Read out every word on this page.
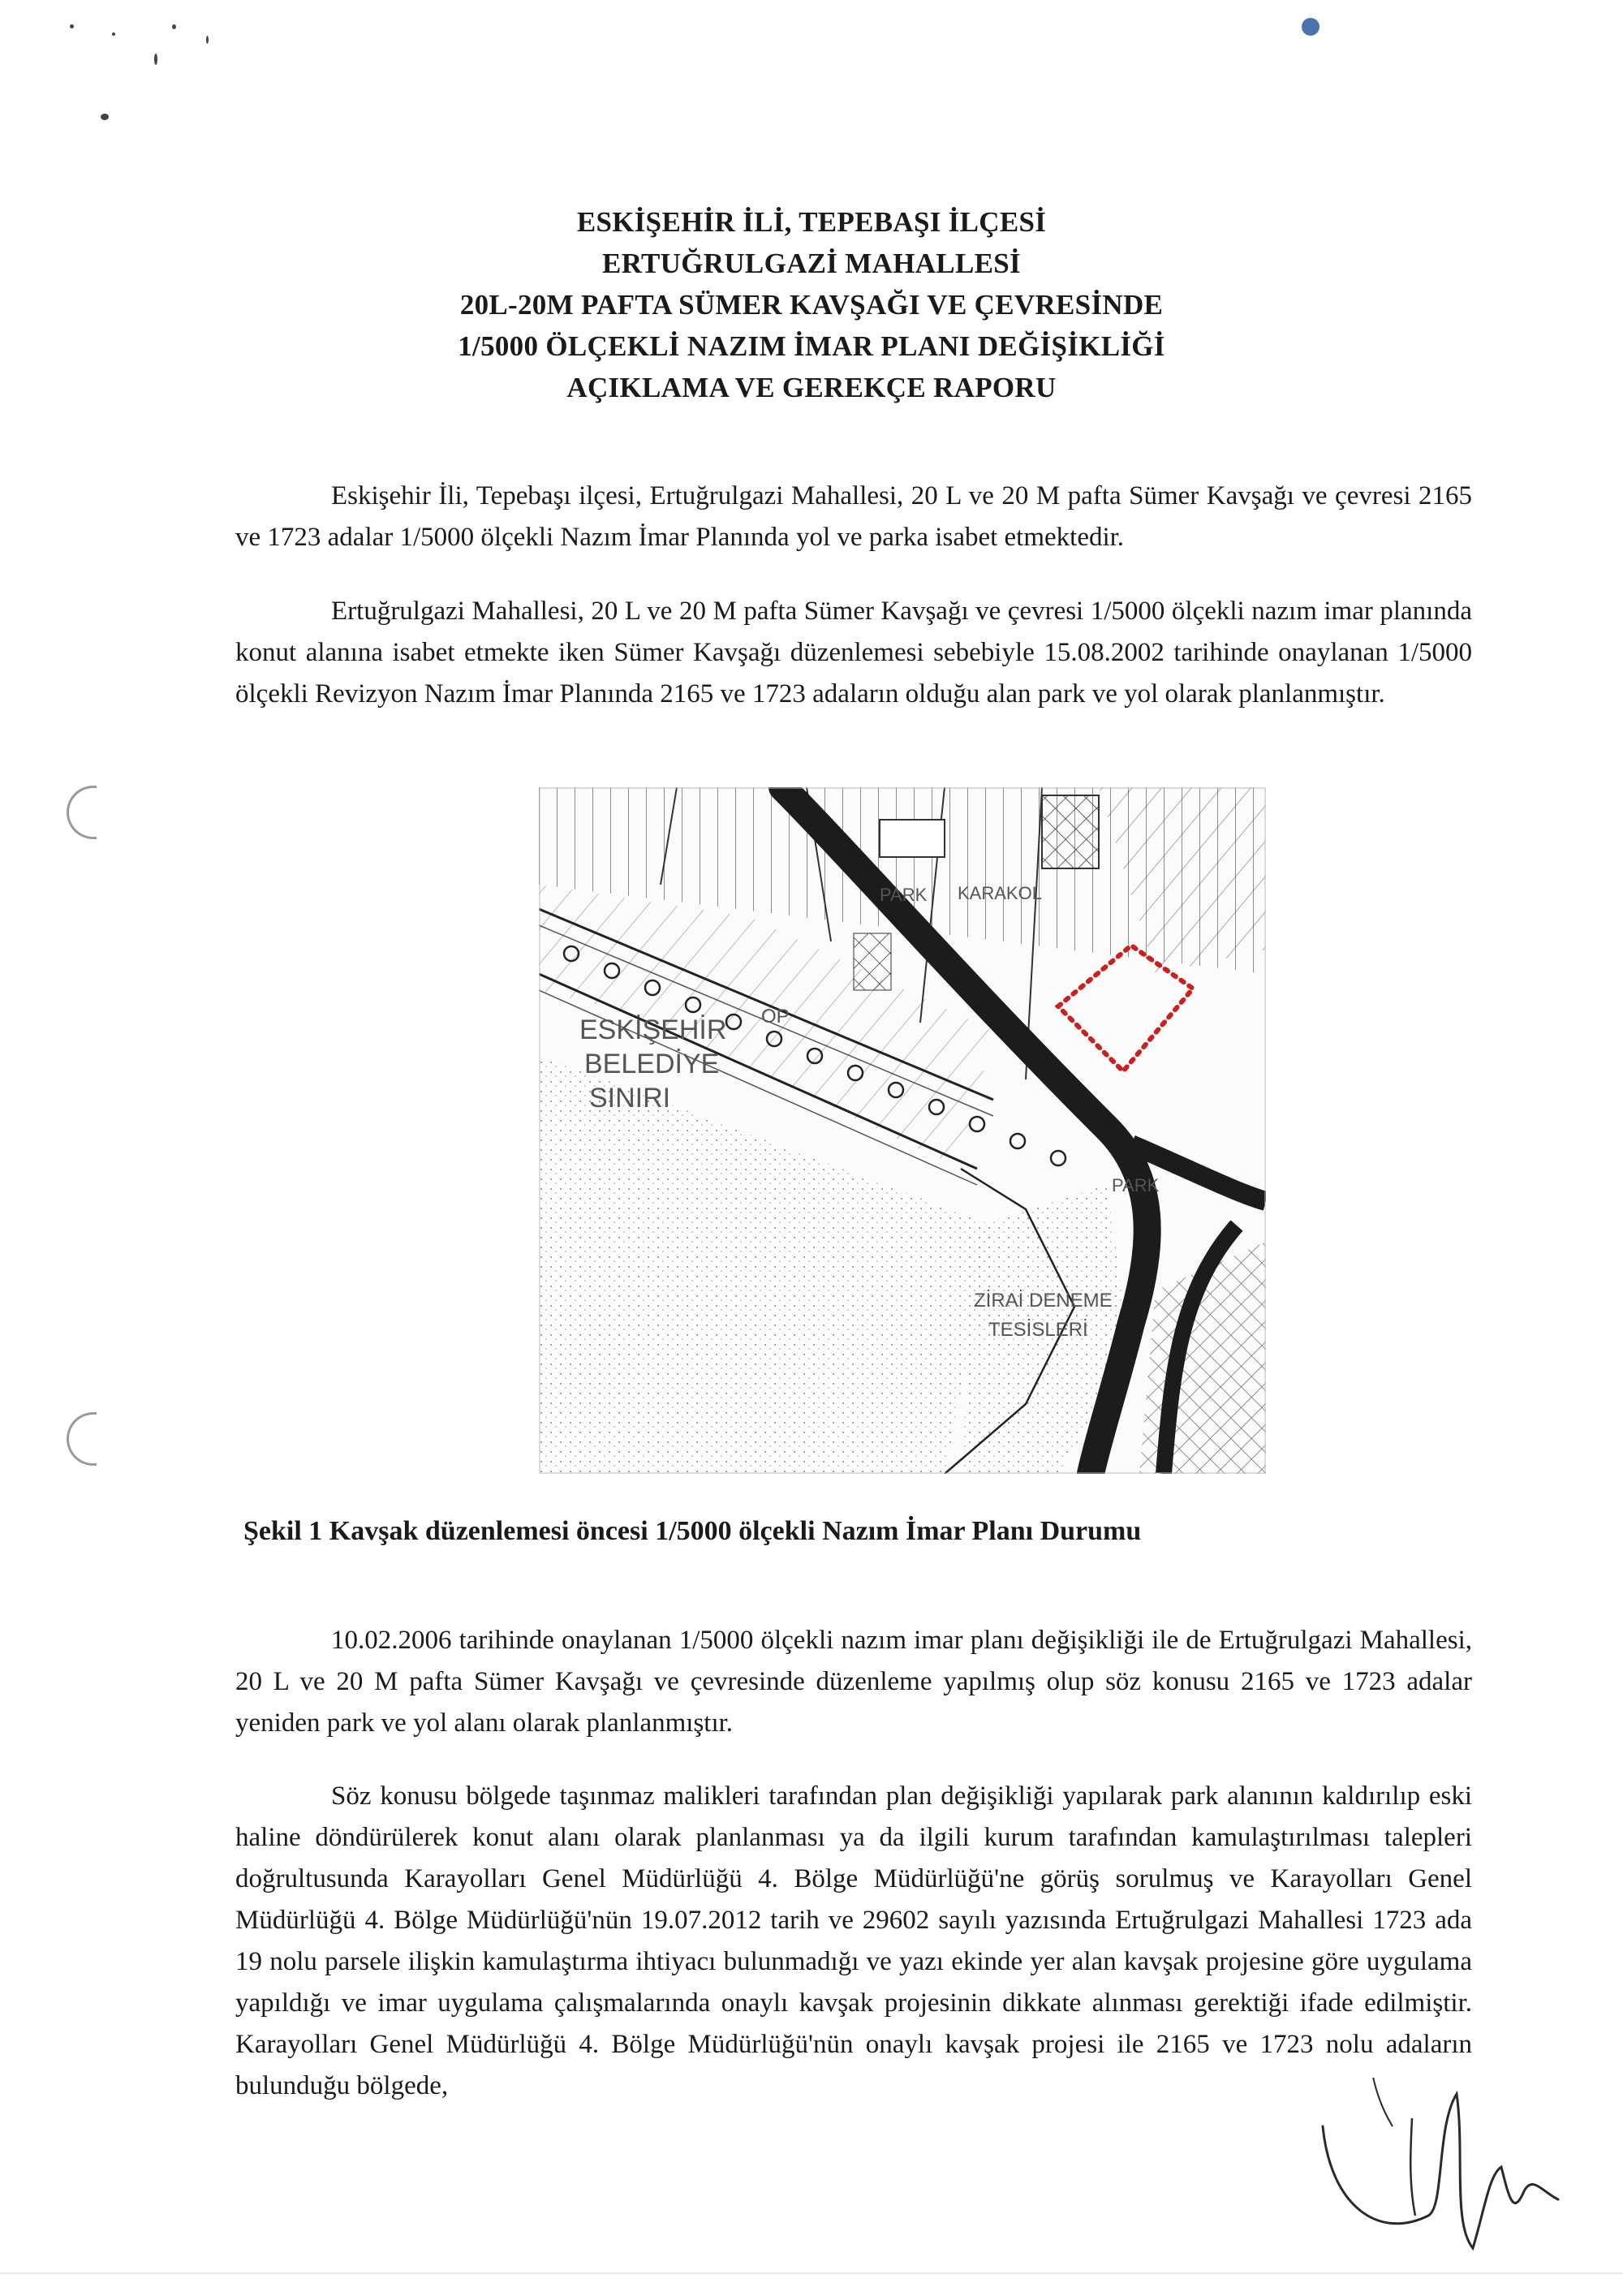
ESKİŞEHİR İLİ, TEPEBAŞI İLÇESİ
ERTUĞRULGAZİ MAHALLESİ
20L-20M PAFTA SÜMER KAVŞAĞI VE ÇEVRESİNDE
1/5000 ÖLÇEKLİ NAZIM İMAR PLANI DEĞİŞİKLİĞİ
AÇIKLAMA VE GEREKÇE RAPORU

Eskişehir İli, Tepebaşı ilçesi, Ertuğrulgazi Mahallesi, 20 L ve 20 M pafta Sümer Kavşağı ve çevresi 2165 ve 1723 adalar 1/5000 ölçekli Nazım İmar Planında yol ve parka isabet etmektedir.

Ertuğrulgazi Mahallesi, 20 L ve 20 M pafta Sümer Kavşağı ve çevresi 1/5000 ölçekli nazım imar planında konut alanına isabet etmekte iken Sümer Kavşağı düzenlemesi sebebiyle 15.08.2002 tarihinde onaylanan 1/5000 ölçekli Revizyon Nazım İmar Planında 2165 ve 1723 adaların olduğu alan park ve yol olarak planlanmıştır.

PARK KARAKOL
OP
ESKİŞEHİR
BELEDİYE
SINIRI
PARK
ZİRAİ DENEME
TESİSLERİ
Şekil 1 Kavşak düzenlemesi öncesi 1/5000 ölçekli Nazım İmar Planı Durumu

10.02.2006 tarihinde onaylanan 1/5000 ölçekli nazım imar planı değişikliği ile de Ertuğrulgazi Mahallesi, 20 L ve 20 M pafta Sümer Kavşağı ve çevresinde düzenleme yapılmış olup söz konusu 2165 ve 1723 adalar yeniden park ve yol alanı olarak planlanmıştır.

Söz konusu bölgede taşınmaz malikleri tarafından plan değişikliği yapılarak park alanının kaldırılıp eski haline döndürülerek konut alanı olarak planlanması ya da ilgili kurum tarafından kamulaştırılması talepleri doğrultusunda Karayolları Genel Müdürlüğü 4. Bölge Müdürlüğü'ne görüş sorulmuş ve Karayolları Genel Müdürlüğü 4. Bölge Müdürlüğü'nün 19.07.2012 tarih ve 29602 sayılı yazısında Ertuğrulgazi Mahallesi 1723 ada 19 nolu parsele ilişkin kamulaştırma ihtiyacı bulunmadığı ve yazı ekinde yer alan kavşak projesine göre uygulama yapıldığı ve imar uygulama çalışmalarında onaylı kavşak projesinin dikkate alınması gerektiği ifade edilmiştir. Karayolları Genel Müdürlüğü 4. Bölge Müdürlüğü'nün onaylı kavşak projesi ile 2165 ve 1723 nolu adaların bulunduğu bölgede,
